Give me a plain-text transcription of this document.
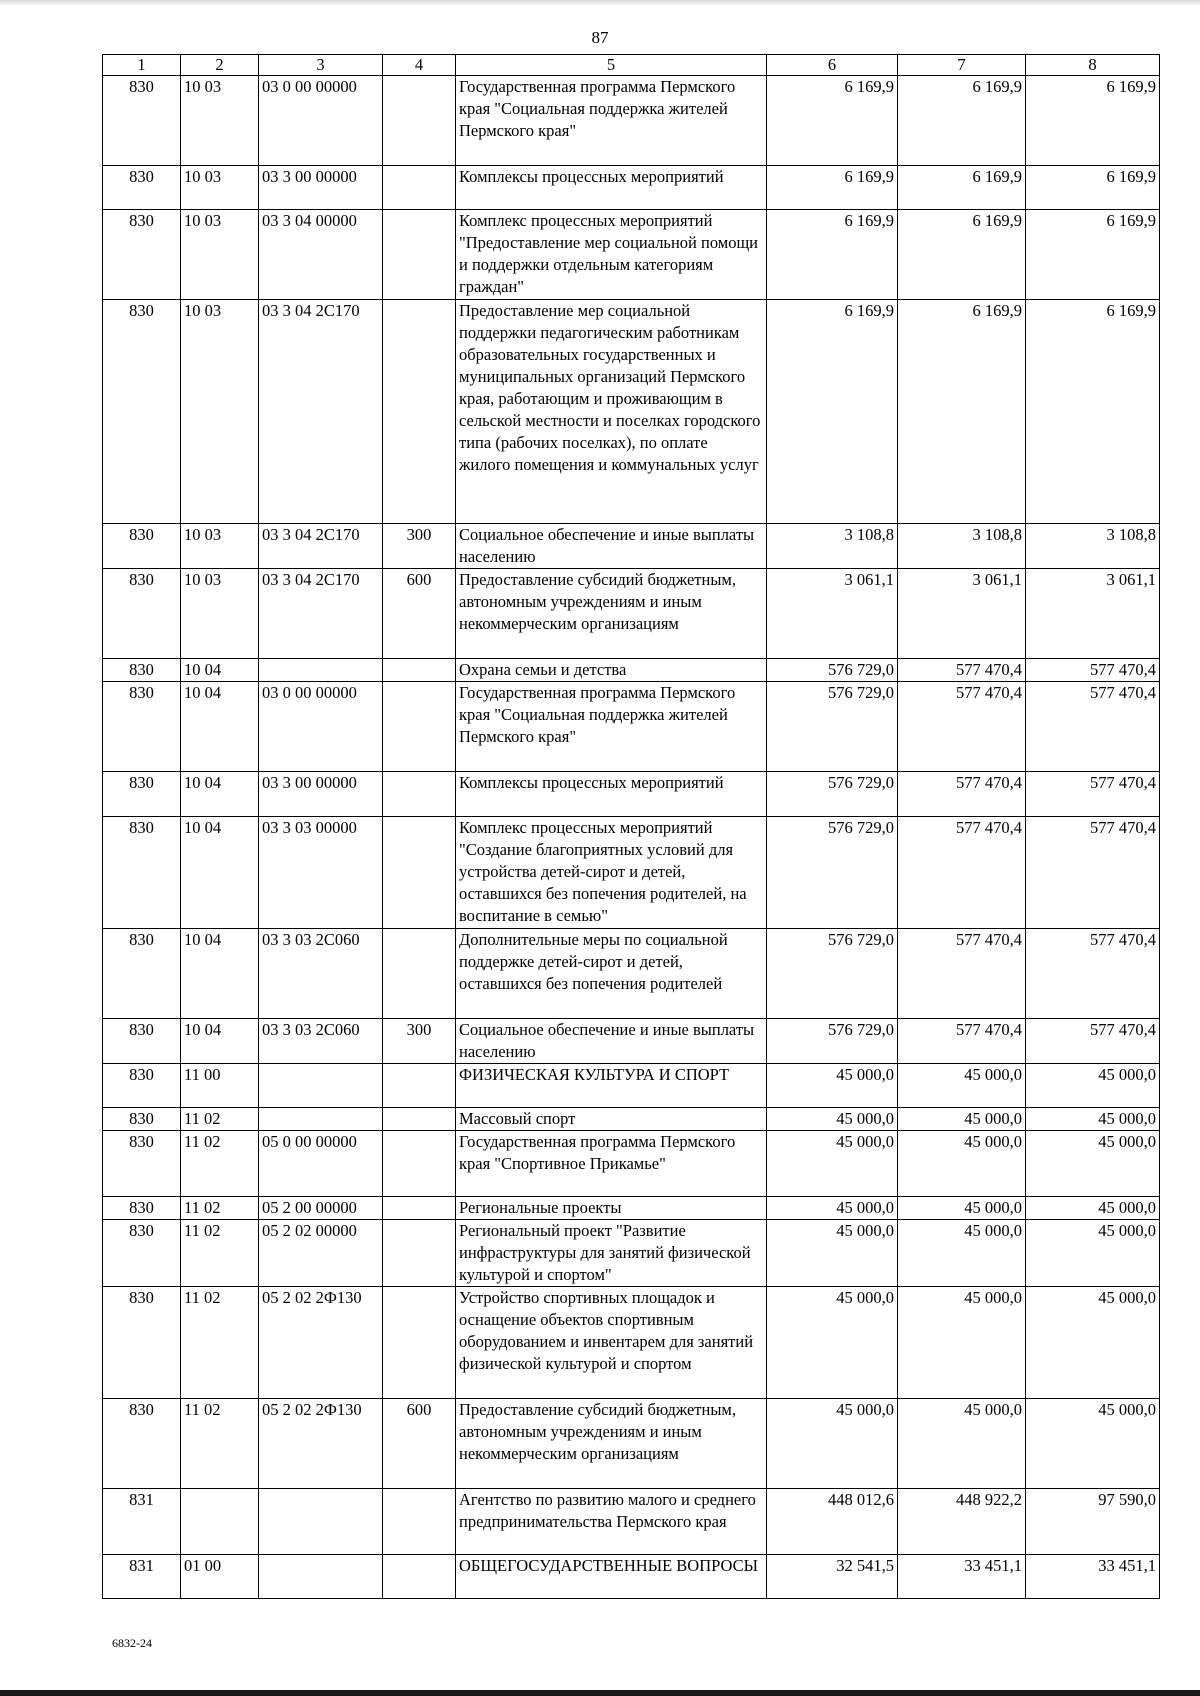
87
1	2	3	4	5	6	7	8
830	10 03	03 0 00 00000		Государственная программа Пермского края "Социальная поддержка жителей Пермского края"	6 169,9	6 169,9	6 169,9
830	10 03	03 3 00 00000		Комплексы процессных мероприятий	6 169,9	6 169,9	6 169,9
830	10 03	03 3 04 00000		Комплекс процессных мероприятий "Предоставление мер социальной помощи и поддержки отдельным категориям граждан"	6 169,9	6 169,9	6 169,9
830	10 03	03 3 04 2С170		Предоставление мер социальной поддержки педагогическим работникам образовательных государственных и муниципальных организаций Пермского края, работающим и проживающим в сельской местности и поселках городского типа (рабочих поселках), по оплате жилого помещения и коммунальных услуг	6 169,9	6 169,9	6 169,9
830	10 03	03 3 04 2С170	300	Социальное обеспечение и иные выплаты населению	3 108,8	3 108,8	3 108,8
830	10 03	03 3 04 2С170	600	Предоставление субсидий бюджетным, автономным учреждениям и иным некоммерческим организациям	3 061,1	3 061,1	3 061,1
830	10 04			Охрана семьи и детства	576 729,0	577 470,4	577 470,4
830	10 04	03 0 00 00000		Государственная программа Пермского края "Социальная поддержка жителей Пермского края"	576 729,0	577 470,4	577 470,4
830	10 04	03 3 00 00000		Комплексы процессных мероприятий	576 729,0	577 470,4	577 470,4
830	10 04	03 3 03 00000		Комплекс процессных мероприятий "Создание благоприятных условий для устройства детей-сирот и детей, оставшихся без попечения родителей, на воспитание в семью"	576 729,0	577 470,4	577 470,4
830	10 04	03 3 03 2С060		Дополнительные меры по социальной поддержке детей-сирот и детей, оставшихся без попечения родителей	576 729,0	577 470,4	577 470,4
830	10 04	03 3 03 2С060	300	Социальное обеспечение и иные выплаты населению	576 729,0	577 470,4	577 470,4
830	11 00			ФИЗИЧЕСКАЯ КУЛЬТУРА И СПОРТ	45 000,0	45 000,0	45 000,0
830	11 02			Массовый спорт	45 000,0	45 000,0	45 000,0
830	11 02	05 0 00 00000		Государственная программа Пермского края "Спортивное Прикамье"	45 000,0	45 000,0	45 000,0
830	11 02	05 2 00 00000		Региональные проекты	45 000,0	45 000,0	45 000,0
830	11 02	05 2 02 00000		Региональный проект "Развитие инфраструктуры для занятий физической культурой и спортом"	45 000,0	45 000,0	45 000,0
830	11 02	05 2 02 2Ф130		Устройство спортивных площадок и оснащение объектов спортивным оборудованием и инвентарем для занятий физической культурой и спортом	45 000,0	45 000,0	45 000,0
830	11 02	05 2 02 2Ф130	600	Предоставление субсидий бюджетным, автономным учреждениям и иным некоммерческим организациям	45 000,0	45 000,0	45 000,0
831				Агентство по развитию малого и среднего предпринимательства Пермского края	448 012,6	448 922,2	97 590,0
831	01 00			ОБЩЕГОСУДАРСТВЕННЫЕ ВОПРОСЫ	32 541,5	33 451,1	33 451,1
6832-24
